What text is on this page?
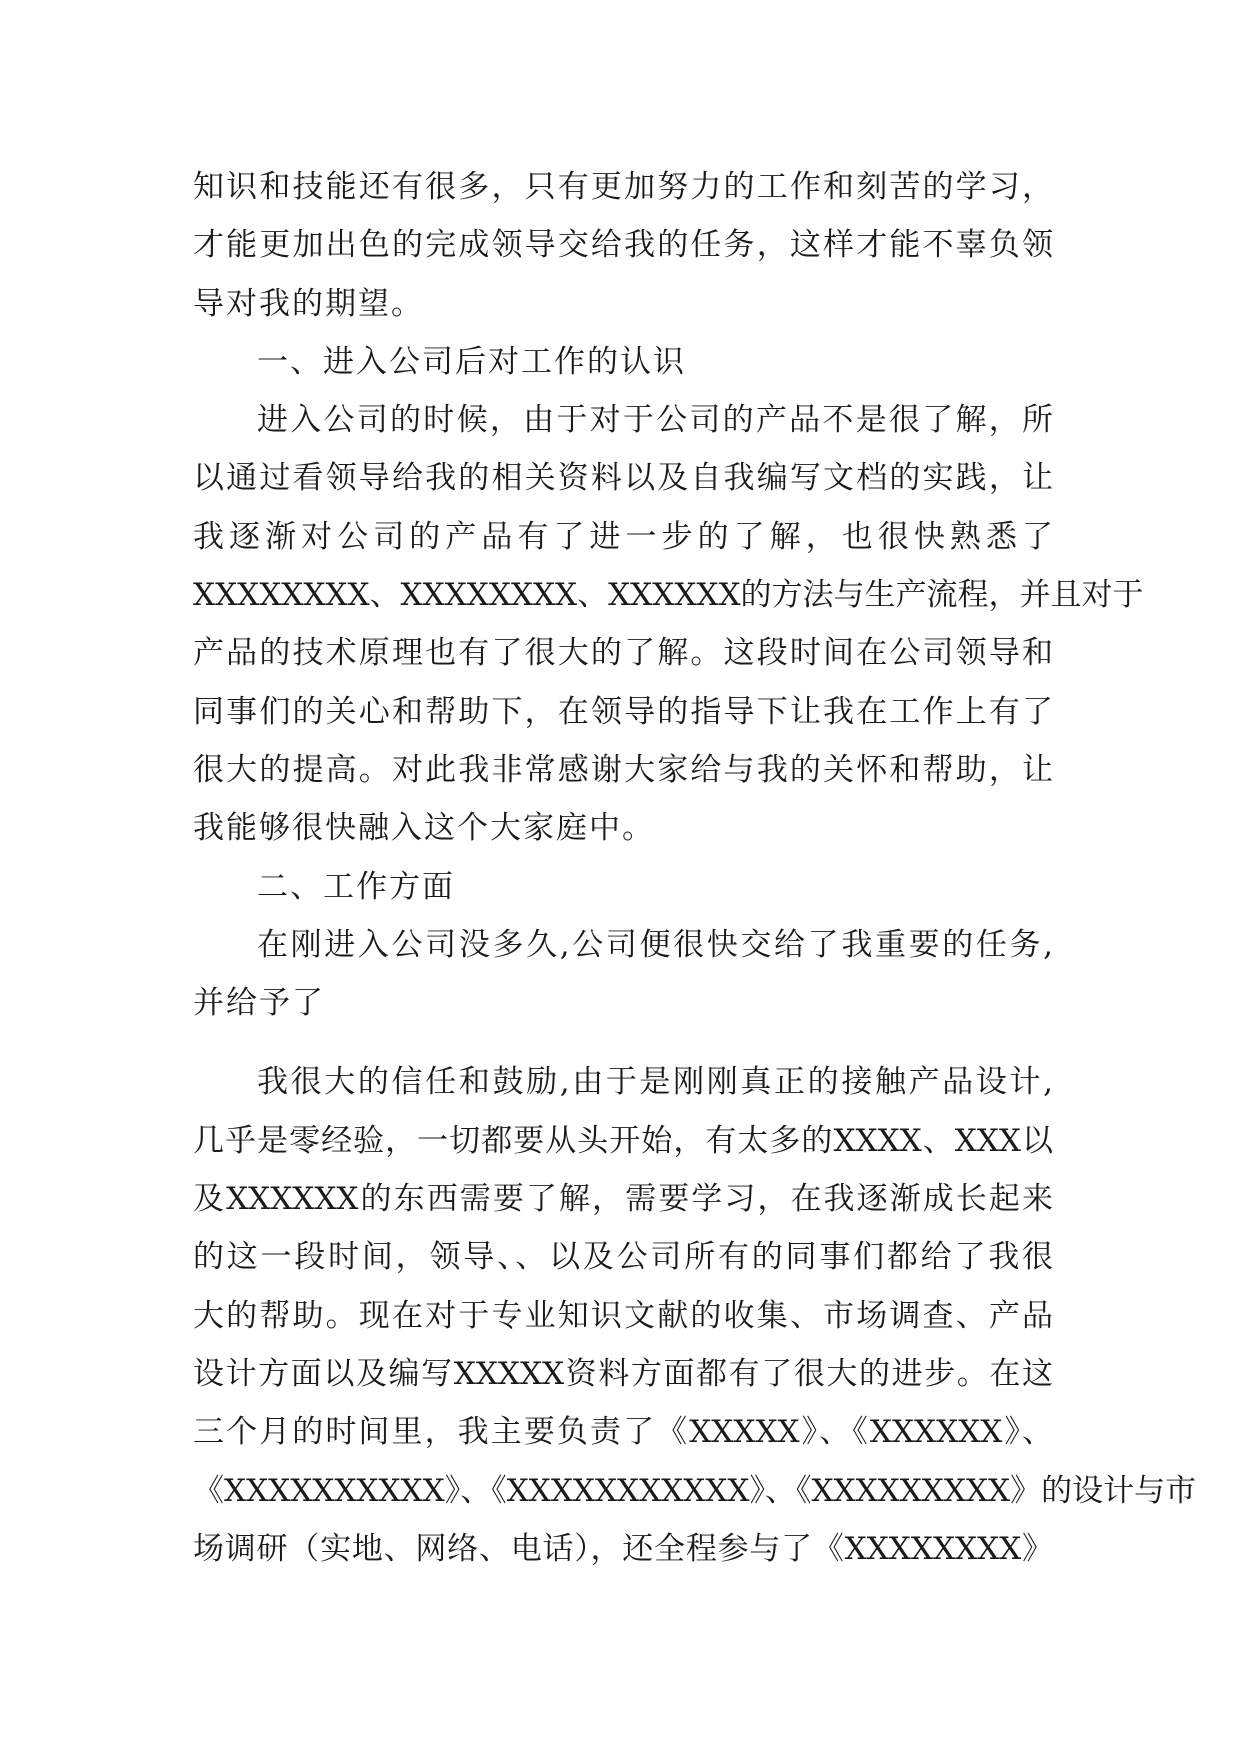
知识和技能还有很多，只有更加努力的工作和刻苦的学习，
才能更加出色的完成领导交给我的任务，这样才能不辜负领
导对我的期望。
一、进入公司后对工作的认识
进入公司的时候，由于对于公司的产品不是很了解，所
以通过看领导给我的相关资料以及自我编写文档的实践，让
我逐渐对公司的产品有了进一步的了解，也很快熟悉了
XXXXXXXX、XXXXXXXX、XXXXXX的方法与生产流程，并且对于
产品的技术原理也有了很大的了解。这段时间在公司领导和
同事们的关心和帮助下，在领导的指导下让我在工作上有了
很大的提高。对此我非常感谢大家给与我的关怀和帮助，让
我能够很快融入这个大家庭中。
二、工作方面
在刚进入公司没多久,公司便很快交给了我重要的任务,
并给予了
我很大的信任和鼓励,由于是刚刚真正的接触产品设计,
几乎是零经验，一切都要从头开始，有太多的XXXX、XXX以
及XXXXXX的东西需要了解，需要学习，在我逐渐成长起来
的这一段时间，领导、、以及公司所有的同事们都给了我很
大的帮助。现在对于专业知识文献的收集、市场调查、产品
设计方面以及编写XXXXX资料方面都有了很大的进步。在这
三个月的时间里，我主要负责了《XXXXX》、《XXXXXX》、
《XXXXXXXXXX》、《XXXXXXXXXXX》、《XXXXXXXXX》的设计与市
场调研（实地、网络、电话），还全程参与了《XXXXXXXX》
